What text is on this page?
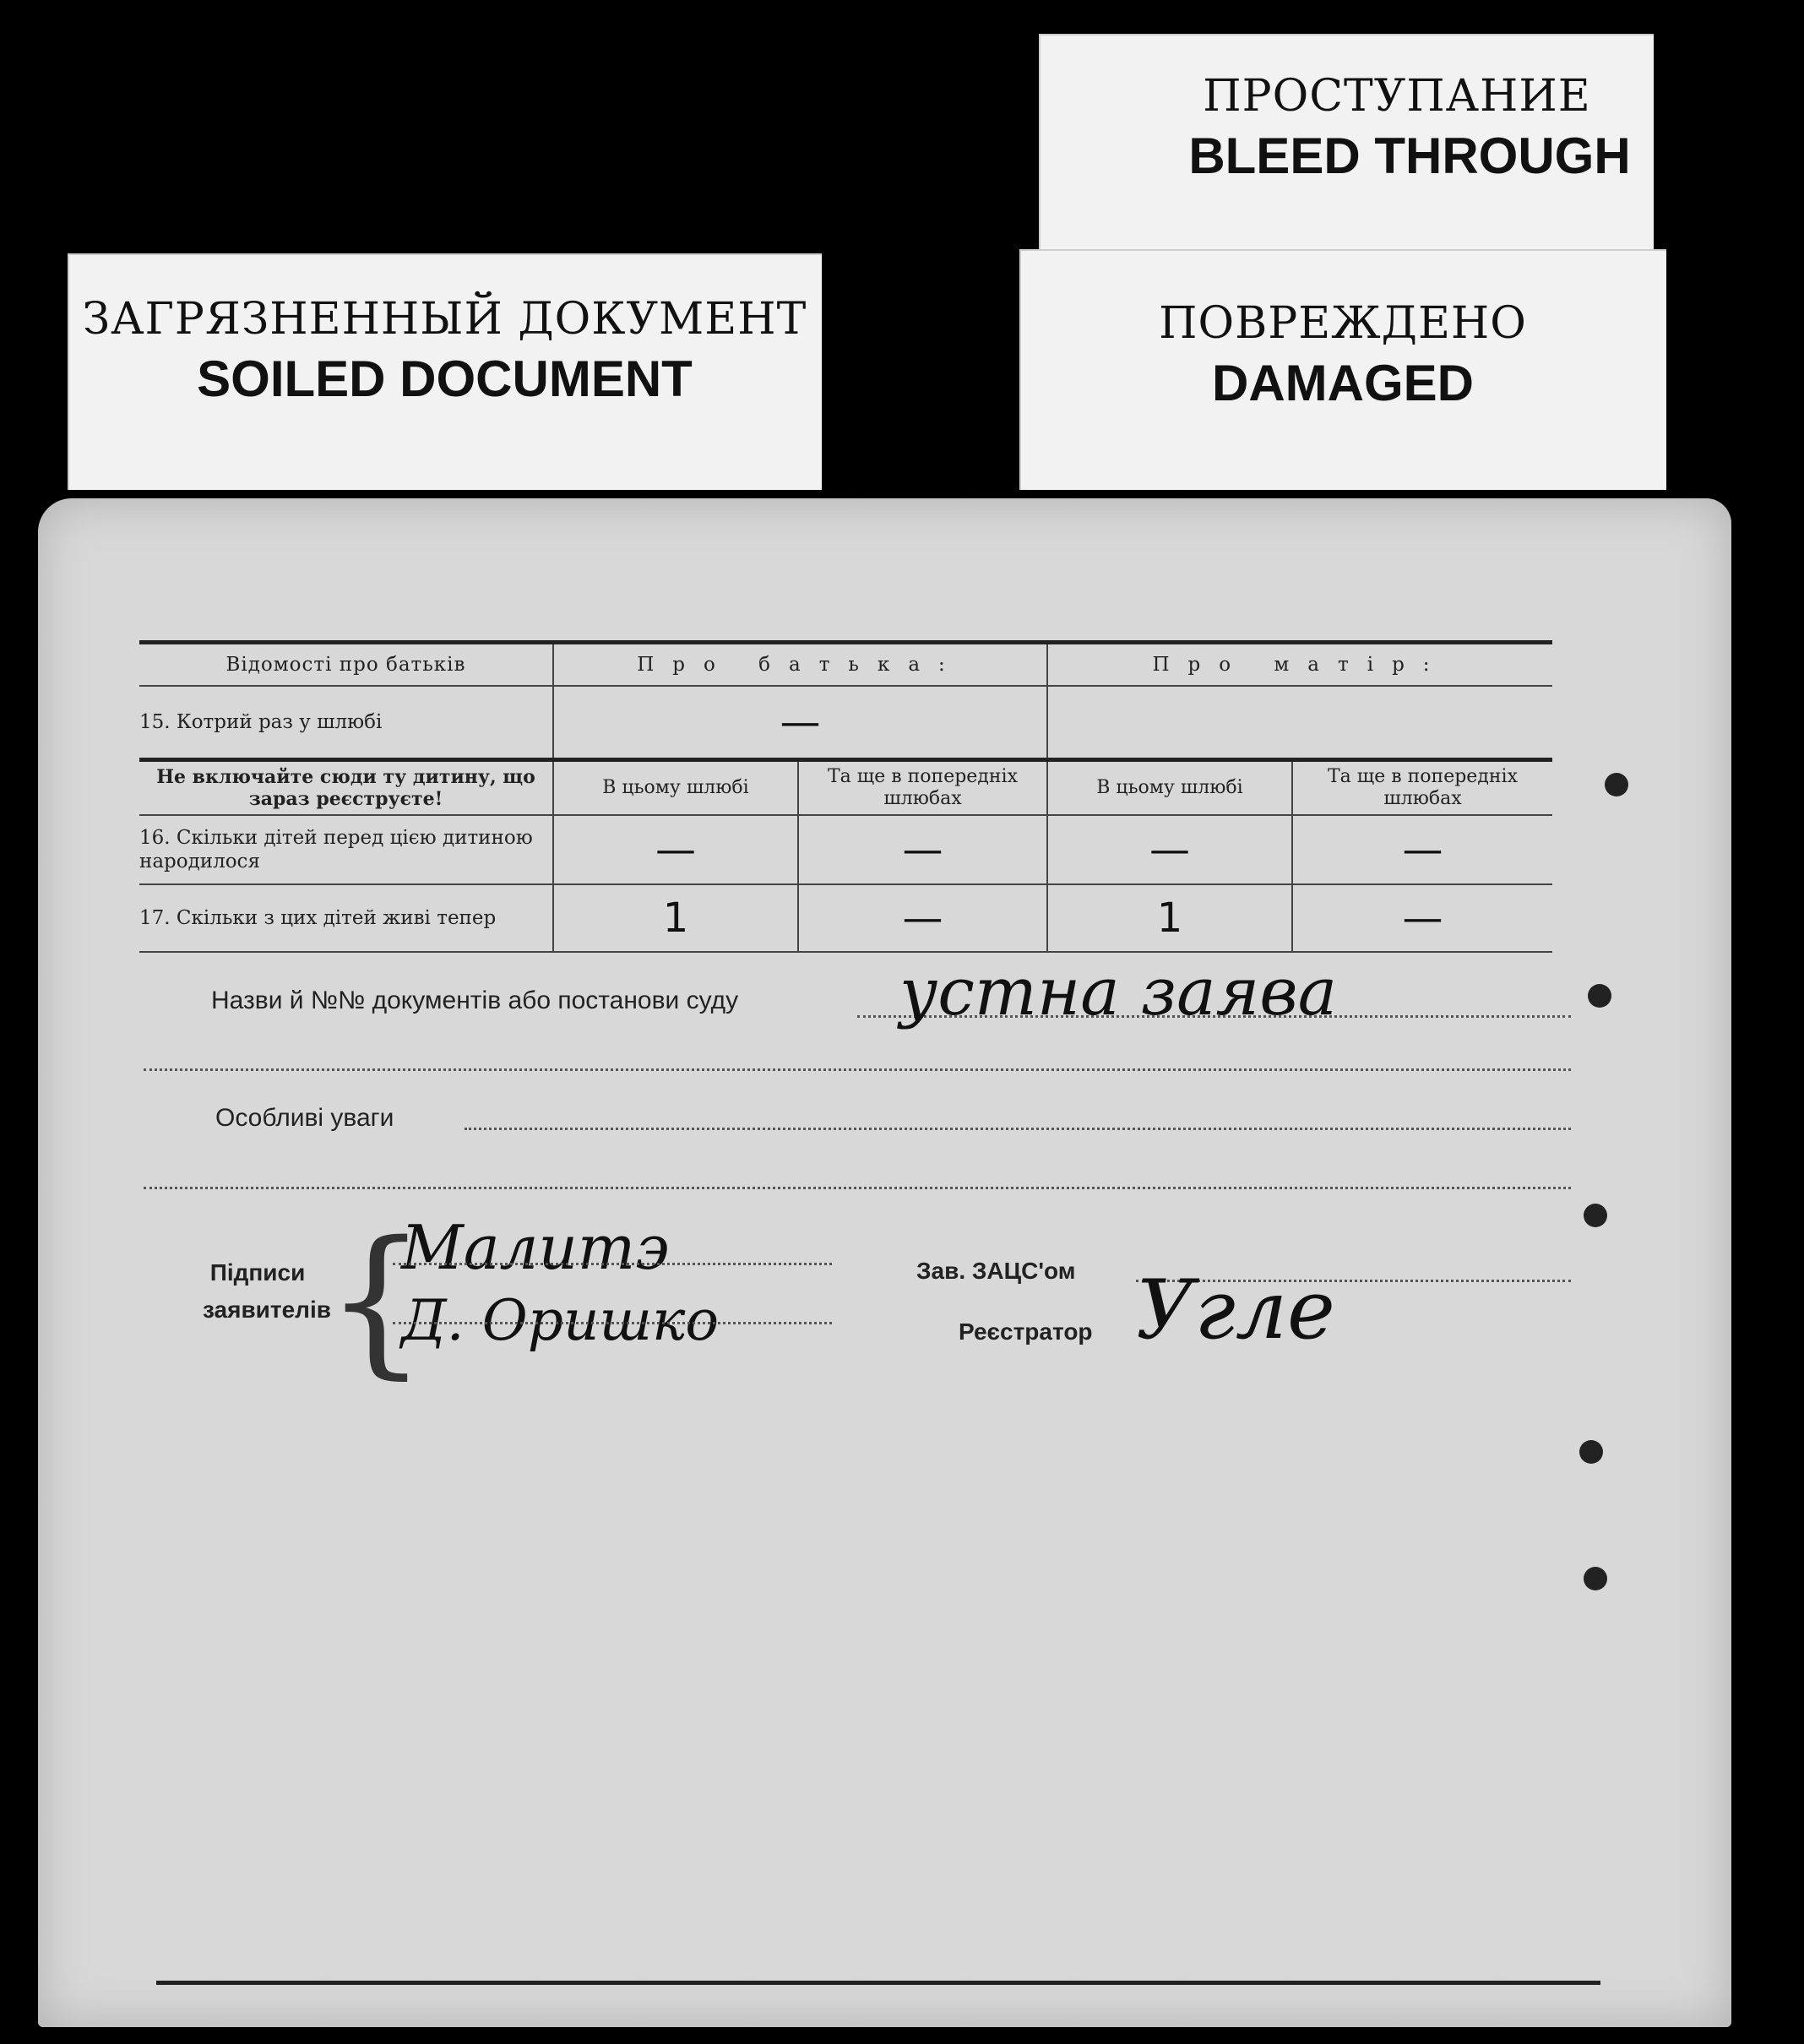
ПРОСТУПАНИЕ
BLEED THROUGH
ЗАГРЯЗНЕННЫЙ ДОКУМЕНТ
SOILED DOCUMENT
ПОВРЕЖДЕНО
DAMAGED
Відомості про батьків	Про батька:		Про матір:	
15. Котрий раз у шлюбі	—			
Не включайте сюди ту дитину, що зараз реєструєте!	В цьому шлюбі	Та ще в попередніх шлюбах	В цьому шлюбі	Та ще в попередніх шлюбах
16. Скільки дітей перед цією дитиною народилося	—	—	—	—
17. Скільки з цих дітей живі тепер	1	—	1	—
Назви й №№ документів або постанови суду устна заява
Особливі уваги
Підписи
заявителів
{
Малитэ
Д. Оришко
Зав. ЗАЦС'ом
Реєстратор Угле
